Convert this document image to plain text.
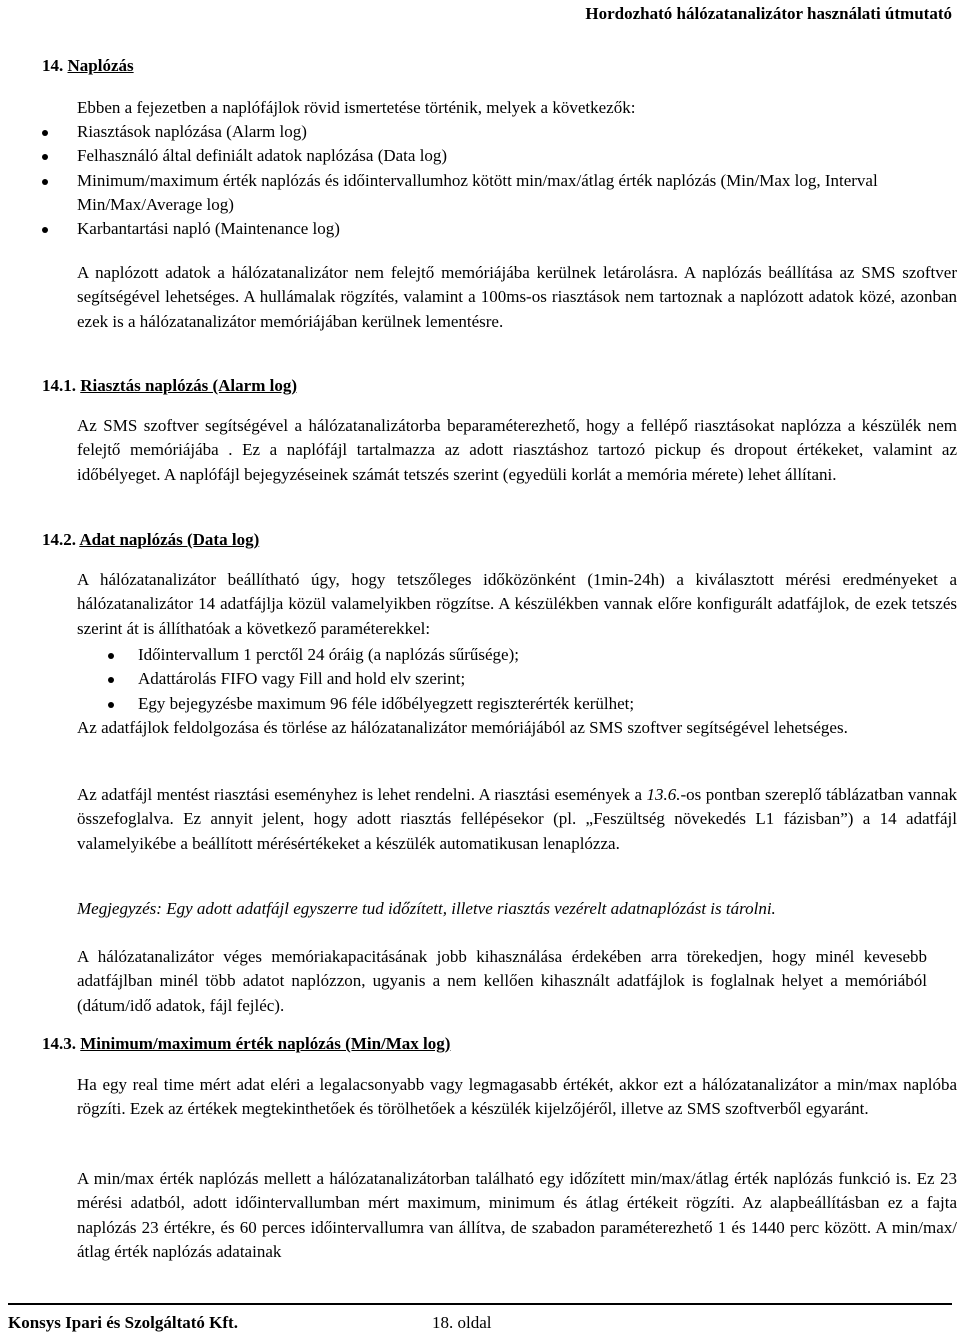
Hordozható hálózatanalizátor használati útmutató
14. Naplózás
Ebben a fejezetben a naplófájlok rövid ismertetése történik, melyek a következők:
Riasztások naplózása (Alarm log)
Felhasználó által definiált adatok naplózása (Data log)
Minimum/maximum érték naplózás és időintervallumhoz kötött min/max/átlag érték naplózás (Min/Max log, Interval Min/Max/Average log)
Karbantartási napló (Maintenance log)
A naplózott adatok a hálózatanalizátor nem felejtő memóriájába kerülnek letárolásra. A naplózás beállítása az SMS szoftver segítségével lehetséges. A hullámalak rögzítés, valamint a 100ms-os riasztások nem tartoznak a naplózott adatok közé, azonban ezek is a hálózatanalizátor memóriájában kerülnek lementésre.
14.1. Riasztás naplózás (Alarm log)
Az SMS szoftver segítségével a hálózatanalizátorba beparaméterezhető, hogy a fellépő riasztásokat naplózza a készülék nem felejtő memóriájába . Ez a naplófájl tartalmazza az adott riasztáshoz tartozó pickup és dropout értékeket, valamint az időbélyeget. A naplófájl bejegyzéseinek számát tetszés szerint (egyedüli korlát a memória mérete) lehet állítani.
14.2. Adat naplózás (Data log)
A hálózatanalizátor beállítható úgy, hogy tetszőleges időközönként (1min-24h) a kiválasztott mérési eredményeket a hálózatanalizátor 14 adatfájlja közül valamelyikben rögzítse. A készülékben vannak előre konfigurált adatfájlok, de ezek tetszés szerint át is állíthatóak a következő paraméterekkel:
Időintervallum 1 perctől 24 óráig (a naplózás sűrűsége);
Adattárolás FIFO vagy Fill and hold elv szerint;
Egy bejegyzésbe maximum 96 féle időbélyegzett regiszterérték kerülhet;
Az adatfájlok feldolgozása és törlése az hálózatanalizátor memóriájából az SMS szoftver segítségével lehetséges.
Az adatfájl mentést riasztási eseményhez is lehet rendelni. A riasztási események a 13.6.-os pontban szereplő táblázatban vannak összefoglalva. Ez annyit jelent, hogy adott riasztás fellépésekor (pl. „Feszültség növekedés L1 fázisban”) a 14 adatfájl valamelyikébe a beállított mérésértékeket a készülék automatikusan lenaplózza.
Megjegyzés: Egy adott adatfájl egyszerre tud időzített, illetve riasztás vezérelt adatnaplózást is tárolni.
A hálózatanalizátor véges memóriakapacitásának jobb kihasználása érdekében arra törekedjen, hogy minél kevesebb adatfájlban minél több adatot naplózzon, ugyanis a nem kellően kihasznált adatfájlok is foglalnak helyet a memóriából (dátum/idő adatok, fájl fejléc).
14.3. Minimum/maximum érték naplózás (Min/Max log)
Ha egy real time mért adat eléri a legalacsonyabb vagy legmagasabb értékét, akkor ezt a hálózatanalizátor a min/max naplóba rögzíti. Ezek az értékek megtekinthetőek és törölhetőek a készülék kijelzőjéről, illetve az SMS szoftverből egyaránt.
A min/max érték naplózás mellett a hálózatanalizátorban található egy időzített min/max/átlag érték naplózás funkció is. Ez 23 mérési adatból, adott időintervallumban mért maximum, minimum és átlag értékeit rögzíti. Az alapbeállításban ez a fajta naplózás 23 értékre, és 60 perces időintervallumra van állítva, de szabadon paraméterezhető 1 és 1440 perc között. A min/max/átlag érték naplózás adatainak
Konsys Ipari és Szolgáltató Kft.	18. oldal
